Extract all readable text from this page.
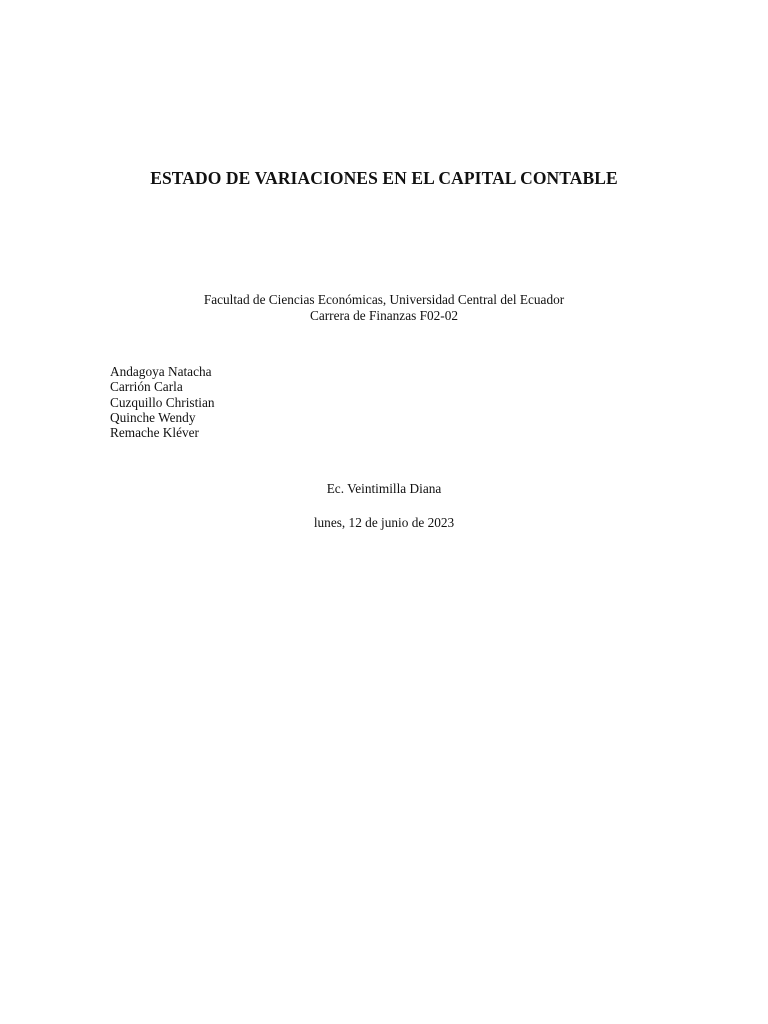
ESTADO DE VARIACIONES EN EL CAPITAL CONTABLE
Facultad de Ciencias Económicas, Universidad Central del Ecuador
Carrera de Finanzas F02-02
Andagoya Natacha
Carrión Carla
Cuzquillo Christian
Quinche Wendy
Remache Kléver
Ec. Veintimilla Diana
lunes, 12 de junio de 2023
